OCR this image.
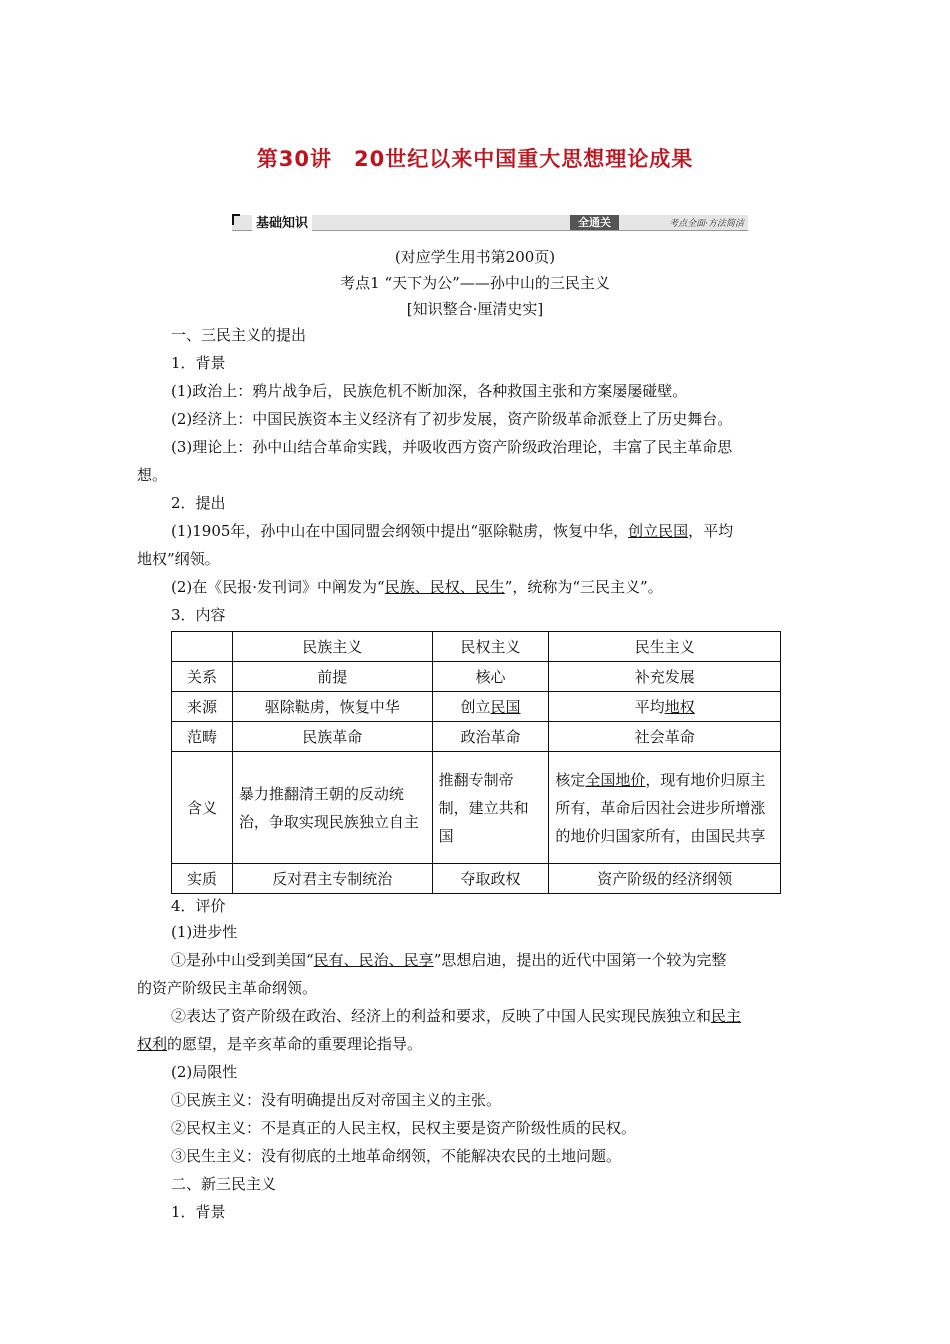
第30讲　20世纪以来中国重大思想理论成果
基础知识	全通关	考点全面·方法简洁
(对应学生用书第200页)
考点1 “天下为公”——孙中山的三民主义
[知识整合·厘清史实]
一、三民主义的提出
1．背景
(1)政治上：鸦片战争后，民族危机不断加深，各种救国主张和方案屡屡碰壁。
(2)经济上：中国民族资本主义经济有了初步发展，资产阶级革命派登上了历史舞台。
(3)理论上：孙中山结合革命实践，并吸收西方资产阶级政治理论，丰富了民主革命思
想。
2．提出
(1)1905年，孙中山在中国同盟会纲领中提出“驱除鞑虏，恢复中华，创立民国，平均
地权”纲领。
(2)在《民报·发刊词》中阐发为“民族、民权、民生”，统称为“三民主义”。
3．内容
	民族主义	民权主义	民生主义
关系	前提	核心	补充发展
来源	驱除鞑虏，恢复中华	创立民国	平均地权
范畴	民族革命	政治革命	社会革命
含义	暴力推翻清王朝的反动统治，争取实现民族独立自主	推翻专制帝制，建立共和国	核定全国地价，现有地价归原主所有，革命后因社会进步所增涨的地价归国家所有，由国民共享
实质	反对君主专制统治	夺取政权	资产阶级的经济纲领
4．评价
(1)进步性
①是孙中山受到美国“民有、民治、民享”思想启迪，提出的近代中国第一个较为完整
的资产阶级民主革命纲领。
②表达了资产阶级在政治、经济上的利益和要求，反映了中国人民实现民族独立和民主
权利的愿望，是辛亥革命的重要理论指导。
(2)局限性
①民族主义：没有明确提出反对帝国主义的主张。
②民权主义：不是真正的人民主权，民权主要是资产阶级性质的民权。
③民生主义：没有彻底的土地革命纲领，不能解决农民的土地问题。
二、新三民主义
1．背景
